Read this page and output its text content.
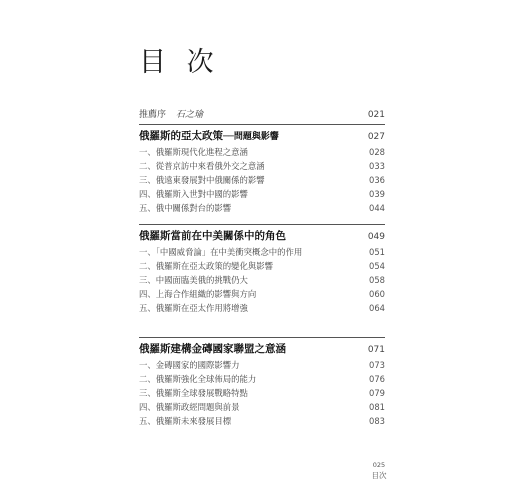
目 次
推薦序 石之瑜	021
俄羅斯的亞太政策 ──問題與影響	027
一、俄羅斯現代化進程之意涵	028
二、從普京訪中來看俄外交之意涵	033
三、俄遠東發展對中俄關係的影響	036
四、俄羅斯入世對中國的影響	039
五、俄中關係對台的影響	044
俄羅斯當前在中美關係中的角色	049
一、「中國威脅論」在中美衝突概念中的作用	051
二、俄羅斯在亞太政策的變化與影響	054
三、中國面臨美俄的挑戰仍大	058
四、上海合作組織的影響與方向	060
五、俄羅斯在亞太作用將增強	064
俄羅斯建構金磚國家聯盟之意涵	071
一、金磚國家的國際影響力	073
二、俄羅斯強化全球佈局的能力	076
三、俄羅斯全球發展戰略特點	079
四、俄羅斯政經問題與前景	081
五、俄羅斯未來發展目標	083
025
目次
